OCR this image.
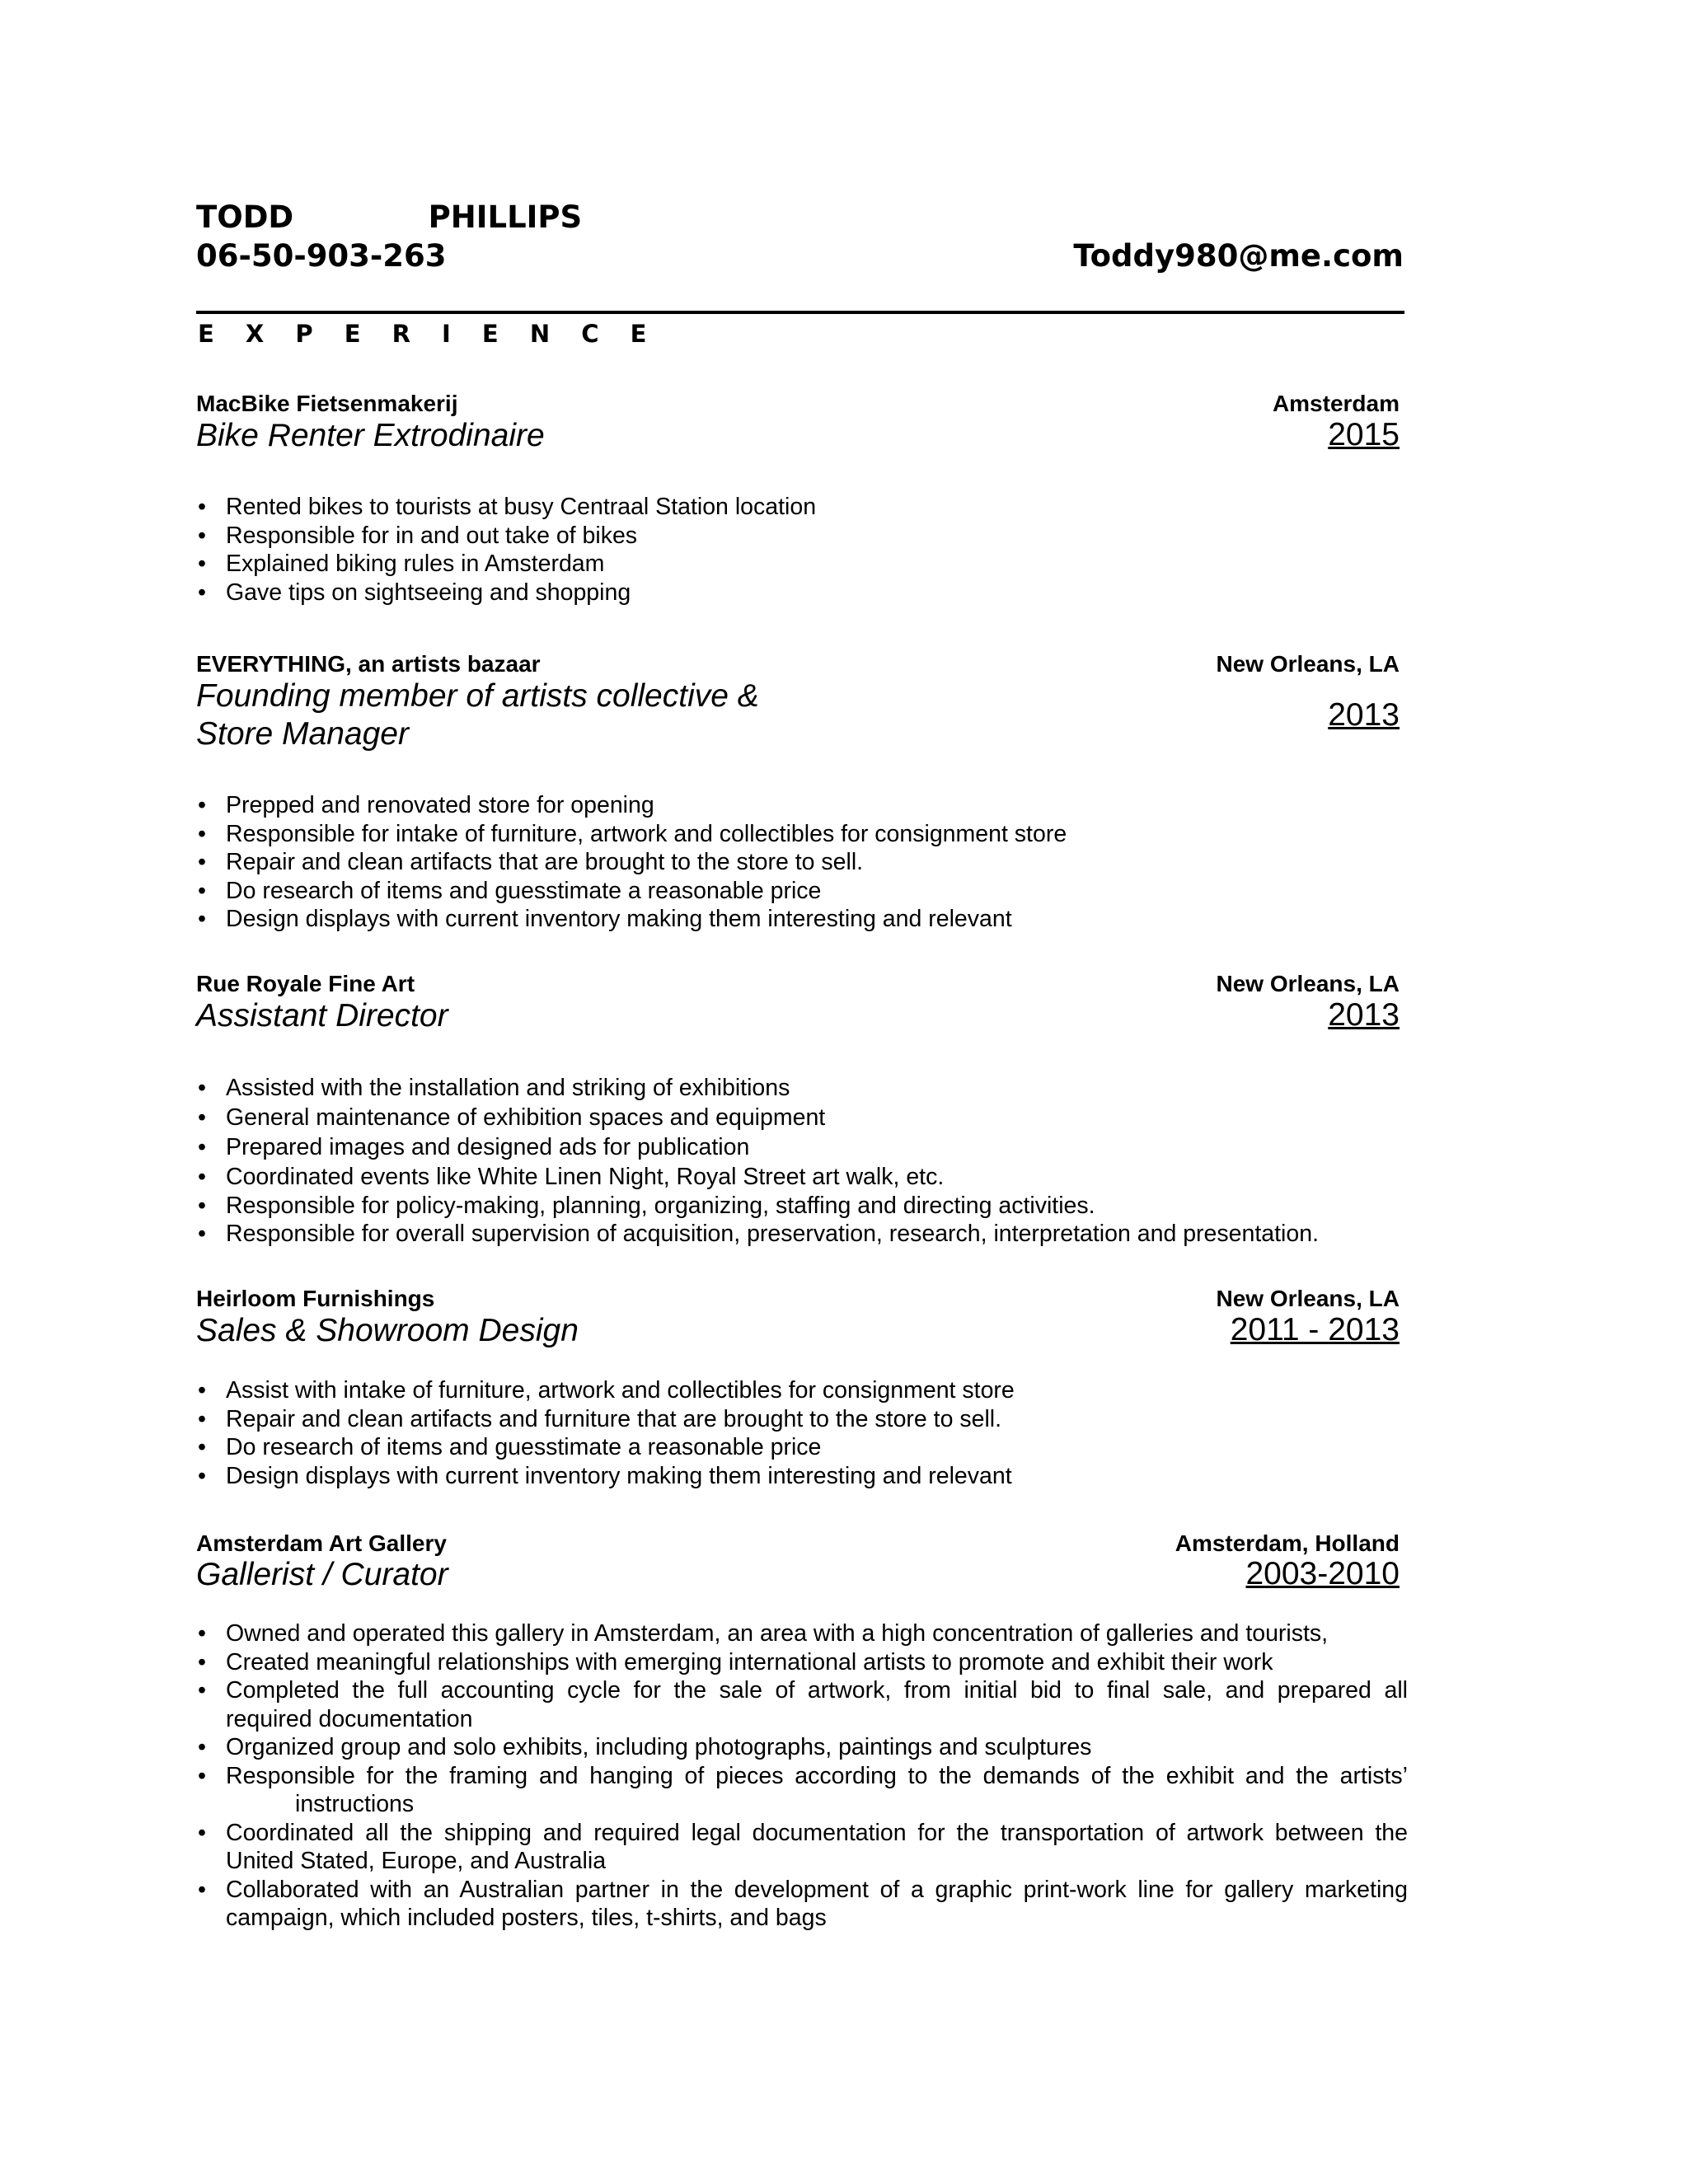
TODD    PHILLIPS
06-50-903-263	Toddy980@me.com
E X P E R I E N C E
MacBike Fietsenmakerij	Amsterdam
Bike Renter Extrodinaire	2015
• Rented bikes to tourists at busy Centraal Station location
• Responsible for in and out take of bikes
• Explained biking rules in Amsterdam
• Gave tips on sightseeing and shopping
EVERYTHING, an artists bazaar	New Orleans, LA
Founding member of artists collective &
Store Manager
2013
• Prepped and renovated store for opening
• Responsible for intake of furniture, artwork and collectibles for consignment store
• Repair and clean artifacts that are brought to the store to sell.
• Do research of items and guesstimate a reasonable price
• Design displays with current inventory making them interesting and relevant
Rue Royale Fine Art	New Orleans, LA
Assistant Director	2013
• Assisted with the installation and striking of exhibitions
• General maintenance of exhibition spaces and equipment
• Prepared images and designed ads for publication
• Coordinated events like White Linen Night, Royal Street art walk, etc.
• Responsible for policy-making, planning, organizing, staffing and directing activities.
• Responsible for overall supervision of acquisition, preservation, research, interpretation and presentation.
Heirloom Furnishings	New Orleans, LA
Sales & Showroom Design	2011 - 2013
• Assist with intake of furniture, artwork and collectibles for consignment store
• Repair and clean artifacts and furniture that are brought to the store to sell.
• Do research of items and guesstimate a reasonable price
• Design displays with current inventory making them interesting and relevant
Amsterdam Art Gallery	Amsterdam, Holland
Gallerist / Curator	2003-2010
• Owned and operated this gallery in Amsterdam, an area with a high concentration of galleries and tourists,
• Created meaningful relationships with emerging international artists to promote and exhibit their work
• Completed the full accounting cycle for the sale of artwork, from initial bid to final sale, and prepared all
required documentation
• Organized group and solo exhibits, including photographs, paintings and sculptures
• Responsible for the framing and hanging of pieces according to the demands of the exhibit and the artists’
instructions
• Coordinated all the shipping and required legal documentation for the transportation of artwork between the
United Stated, Europe, and Australia
• Collaborated with an Australian partner in the development of a graphic print-work line for gallery marketing
campaign, which included posters, tiles, t-shirts, and bags
